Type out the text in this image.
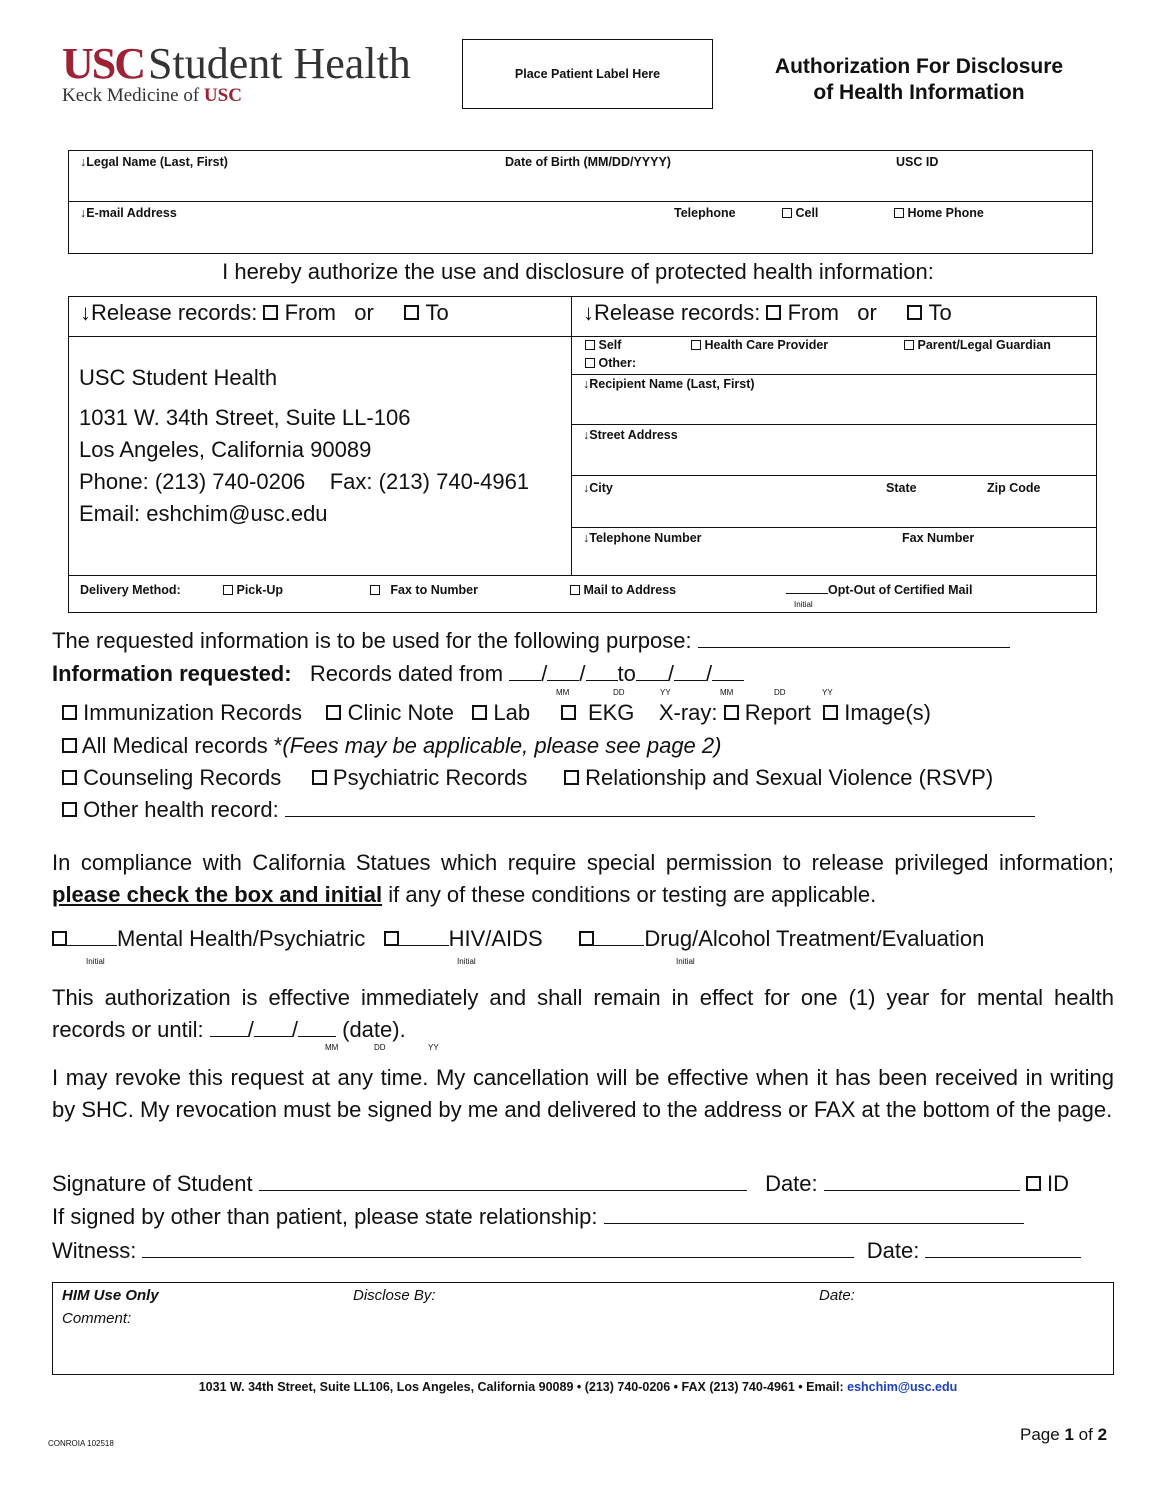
USCStudent Health
Keck Medicine of USC
Place Patient Label Here	Authorization For Disclosure
of Health Information
↓Legal Name (Last, First)	Date of Birth (MM/DD/YYYY)	USC ID
↓E-mail Address	Telephone	Cell	Home Phone
I hereby authorize the use and disclosure of protected health information:
↓Release records: From or To	↓Release records: From or To
USC Student Health
1031 W. 34th Street, Suite LL-106
Los Angeles, California 90089
Phone: (213) 740-0206    Fax: (213) 740-4961
Email: eshchim@usc.edu
Self	Health Care Provider	Parent/Legal Guardian
Other:
↓Recipient Name (Last, First)
↓Street Address
↓City	State	Zip Code
↓Telephone Number	Fax Number
Delivery Method:	Pick-Up	Fax to Number	Mail to Address	Opt-Out of Certified Mail
Initial
The requested information is to be used for the following purpose:
Information requested: Records dated from / / to / /
MM	DD	YY	MM	DD	YY
Immunization Records Clinic Note Lab	EKG X-ray: Report Image(s)
All Medical records *(Fees may be applicable, please see page 2)
Counseling Records Psychiatric Records	Relationship and Sexual Violence (RSVP)
Other health record:
In compliance with California Statues which require special permission to release privileged information; please check the box and initial if any of these conditions or testing are applicable.
Mental Health/Psychiatric	HIV/AIDS	Drug/Alcohol Treatment/Evaluation
Initial	Initial	Initial
This authorization is effective immediately and shall remain in effect for one (1) year for mental health records or until: / / (date).
MM	DD	YY
I may revoke this request at any time. My cancellation will be effective when it has been received in writing by SHC. My revocation must be signed by me and delivered to the address or FAX at the bottom of the page.
Signature of Student	Date:	ID
If signed by other than patient, please state relationship:
Witness:	Date:
HIM Use Only	Disclose By:	Date:
Comment:
1031 W. 34th Street, Suite LL106, Los Angeles, California 90089 • (213) 740-0206 • FAX (213) 740-4961 • Email: eshchim@usc.edu
Page 1 of 2
CONROIA 102518
